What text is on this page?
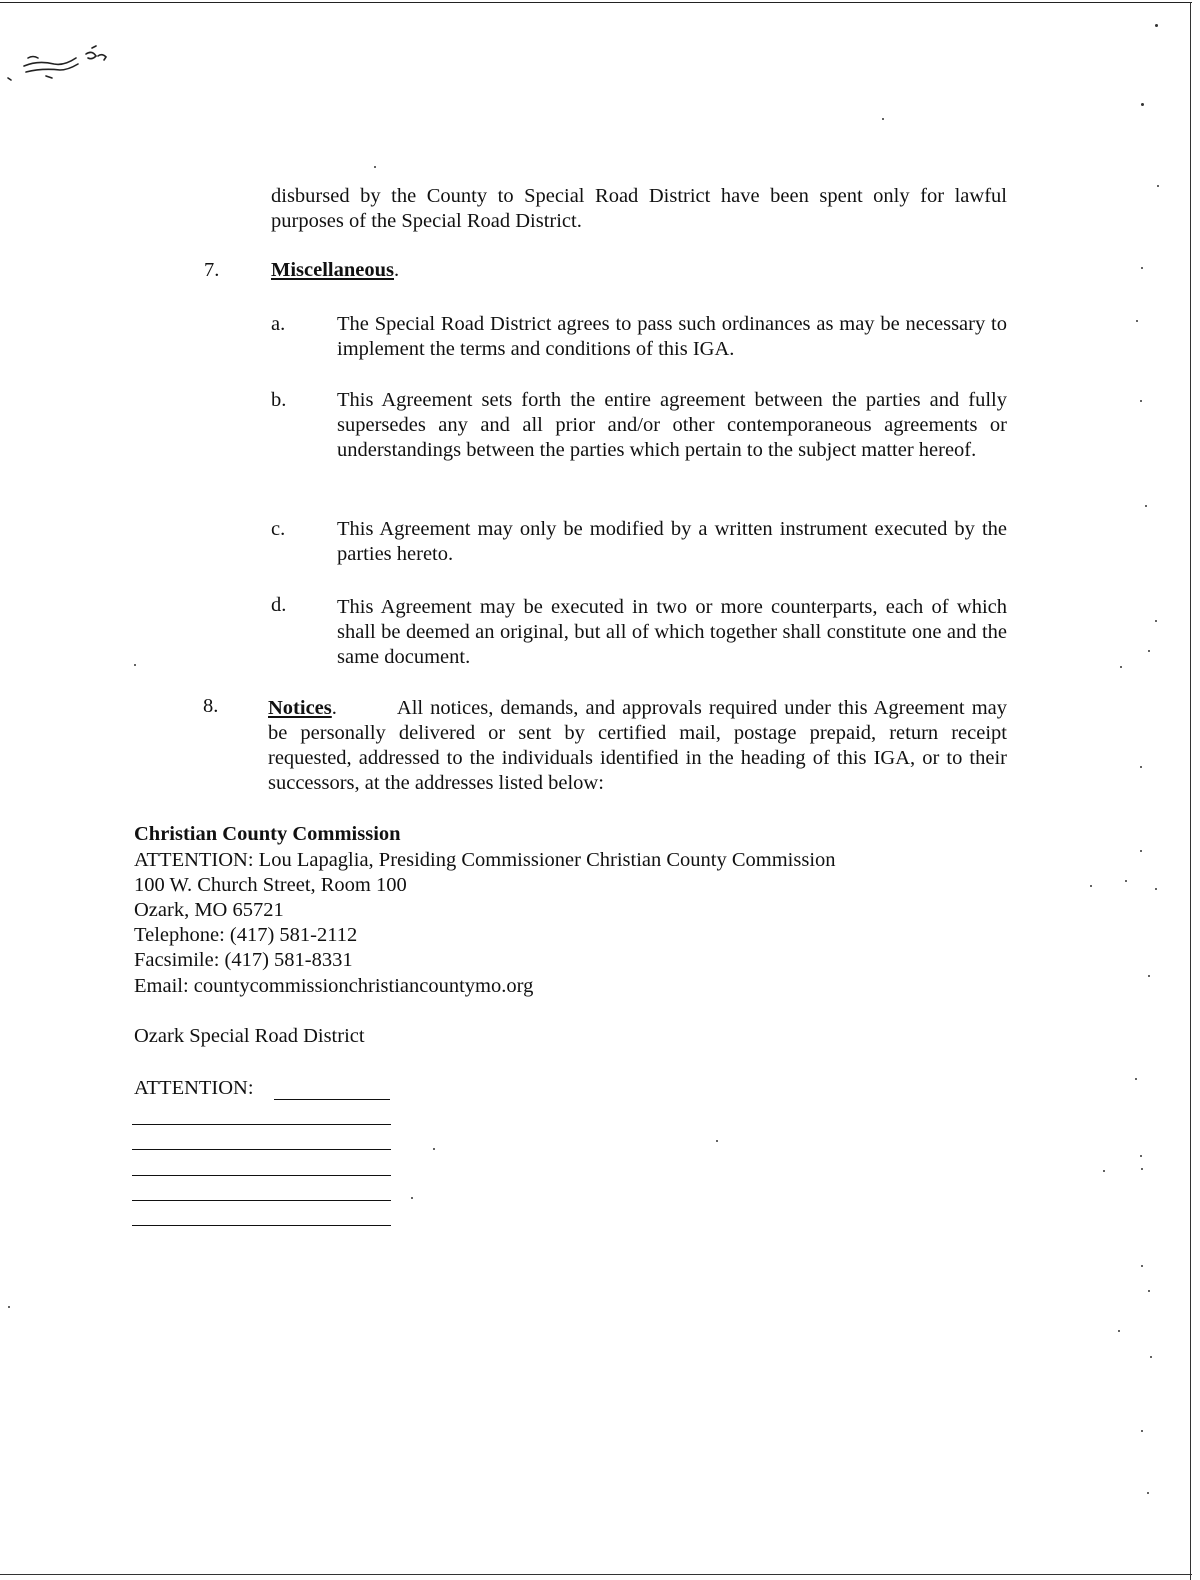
disbursed by the County to Special Road District have been spent only for lawful purposes of the Special Road District.
7.	Miscellaneous.
a.	The Special Road District agrees to pass such ordinances as may be necessary to implement the terms and conditions of this IGA.
b. This Agreement sets forth the entire agreement between the parties and fully supersedes any and all prior and/or other contemporaneous agreements or understandings between the parties which pertain to the subject matter hereof.
c.	This Agreement may only be modified by a written instrument executed by the parties hereto.
d. This Agreement may be executed in two or more counterparts, each of which shall be deemed an original, but all of which together shall constitute one and the same document.
8. Notices.	All notices, demands, and approvals required under this Agreement may be personally delivered or sent by certified mail, postage prepaid, return receipt requested, addressed to the individuals identified in the heading of this IGA, or to their successors, at the addresses listed below:
Christian County Commission
ATTENTION: Lou Lapaglia, Presiding Commissioner Christian County Commission
100 W. Church Street, Room 100
Ozark, MO 65721
Telephone: (417) 581-2112
Facsimile: (417) 581-8331
Email: countycommissionchristiancountymo.org
Ozark Special Road District
ATTENTION:
